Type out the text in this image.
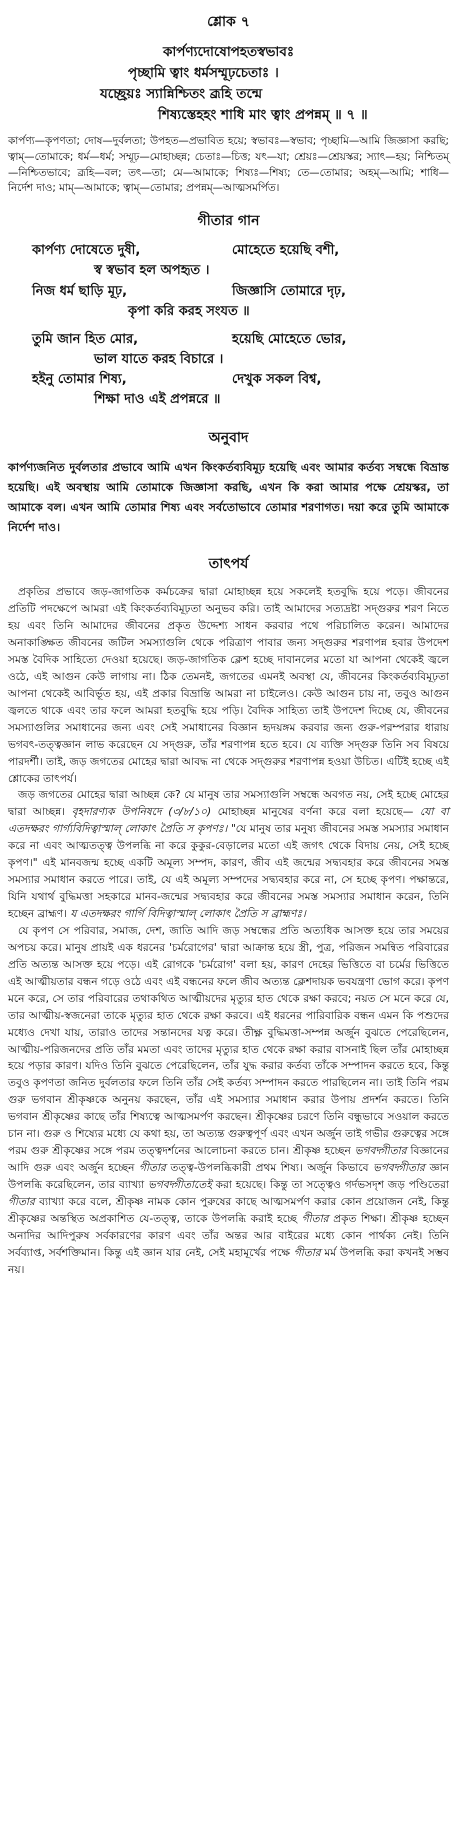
শ্লোক ৭
কার্পণ্যদোষোপহতস্বভাবঃ
পৃচ্ছামি ত্বাং ধর্মসম্মূঢ়চেতাঃ ।
যচ্ছ্রেয়ঃ স্যান্নিশ্চিতং ব্রূহি তন্মে
শিষ্যস্তেহহং শাধি মাং ত্বাং প্রপন্নম্ ॥ ৭ ॥
কার্পণ্য—কৃপণতা; দোষ—দুর্বলতা; উপহত—প্রভাবিত হয়ে; স্বভাবঃ—স্বভাব; পৃচ্ছামি—আমি জিজ্ঞাসা করছি; ত্বাম্—তোমাকে; ধর্ম—ধর্ম; সম্মূঢ়—মোহাচ্ছন্ন; চেতাঃ—চিত্ত; যৎ—যা; শ্রেয়ঃ—শ্রেয়স্কর; স্যাৎ—হয়; নিশ্চিতম্—নিশ্চিতভাবে; ব্রূহি—বল; তৎ—তা; মে—আমাকে; শিষ্যঃ—শিষ্য; তে—তোমার; অহম্—আমি; শাধি—নির্দেশ দাও; মাম্—আমাকে; ত্বাম্—তোমার; প্রপন্নম্—আত্মসমর্পিত।
গীতার গান
কার্পণ্য দোষেতে দুষী,	মোহেতে হয়েছি বশী,
স্ব স্বভাব হল অপহৃত ।
নিজ ধর্ম ছাড়ি মূঢ়,	জিজ্ঞাসি তোমারে দৃঢ়,
কৃপা করি করহ সংযত ॥
তুমি জান হিত মোর,	হয়েছি মোহেতে ভোর,
ভাল যাতে করহ বিচারে ।
হইনু তোমার শিষ্য,	দেখুক সকল বিশ্ব,
শিক্ষা দাও এই প্রপন্নরে ॥
অনুবাদ
কার্পণ্যজনিত দুর্বলতার প্রভাবে আমি এখন কিংকর্তব্যবিমূঢ় হয়েছি এবং আমার কর্তব্য সম্বন্ধে বিভ্রান্ত হয়েছি। এই অবস্থায় আমি তোমাকে জিজ্ঞাসা করছি, এখন কি করা আমার পক্ষে শ্রেয়স্কর, তা আমাকে বল। এখন আমি তোমার শিষ্য এবং সর্বতোভাবে তোমার শরণাগত। দয়া করে তুমি আমাকে নির্দেশ দাও।
তাৎপর্য

প্রকৃতির প্রভাবে জড়-জাগতিক কর্মচক্রের দ্বারা মোহাচ্ছন্ন হয়ে সকলেই হতবুদ্ধি হয়ে পড়ে। জীবনের প্রতিটি পদক্ষেপে আমরা এই কিংকর্তব্যবিমূঢ়তা অনুভব করি। তাই আমাদের সত্যদ্রষ্টা সদ্গুরুর শরণ নিতে হয় এবং তিনি আমাদের জীবনের প্রকৃত উদ্দেশ্য সাধন করবার পথে পরিচালিত করেন। আমাদের অনাকাঙ্ক্ষিত জীবনের জটিল সমস্যাগুলি থেকে পরিত্রাণ পাবার জন্য সদ্গুরুর শরণাপন্ন হবার উপদেশ সমস্ত বৈদিক সাহিত্যে দেওয়া হয়েছে। জড়-জাগতিক ক্লেশ হচ্ছে দাবানলের মতো যা আপনা থেকেই জ্বলে ওঠে, এই আগুন কেউ লাগায় না। ঠিক তেমনই, জগতের এমনই অবস্থা যে, জীবনের কিংকর্তব্যবিমূঢ়তা আপনা থেকেই আবির্ভূত হয়, এই প্রকার বিভ্রান্তি আমরা না চাইলেও। কেউ আগুন চায় না, তবুও আগুন জ্বলতে থাকে এবং তার ফলে আমরা হতবুদ্ধি হয়ে পড়ি। বৈদিক সাহিত্য তাই উপদেশ দিচ্ছে যে, জীবনের সমস্যাগুলির সমাধানের জন্য এবং সেই সমাধানের বিজ্ঞান হৃদয়ঙ্গম করবার জন্য গুরু-পরম্পরার ধারায় ভগবৎ-তত্ত্বজ্ঞান লাভ করেছেন যে সদ্গুরু, তাঁর শরণাপন্ন হতে হবে। যে ব্যক্তি সদ্গুরু তিনি সব বিষয়ে পারদর্শী। তাই, জড় জগতের মোহের দ্বারা আবদ্ধ না থেকে সদ্গুরুর শরণাপন্ন হওয়া উচিত। এটিই হচ্ছে এই শ্লোকের তাৎপর্য।

জড় জগতের মোহের দ্বারা আচ্ছন্ন কে? যে মানুষ তার সমস্যাগুলি সম্বন্ধে অবগত নয়, সেই হচ্ছে মোহের দ্বারা আচ্ছন্ন। বৃহদারণ্যক উপনিষদে (৩/৮/১০) মোহাচ্ছন্ন মানুষের বর্ণনা করে বলা হয়েছে— যো বা এতদক্ষরং গার্গ্যবিদিত্বাস্মাল্ লোকাৎ প্রৈতি স কৃপণঃ। "যে মানুষ তার মনুষ্য জীবনের সমস্ত সমস্যার সমাধান করে না এবং আত্মতত্ত্ব উপলব্ধি না করে কুকুর-বেড়ালের মতো এই জগৎ থেকে বিদায় নেয়, সেই হচ্ছে কৃপণ।" এই মানবজন্ম হচ্ছে একটি অমূল্য সম্পদ, কারণ, জীব এই জন্মের সদ্ব্যবহার করে জীবনের সমস্ত সমস্যার সমাধান করতে পারে। তাই, যে এই অমূল্য সম্পদের সদ্ব্যবহার করে না, সে হচ্ছে কৃপণ। পক্ষান্তরে, যিনি যথার্থ বুদ্ধিমত্তা সহকারে মানব-জন্মের সদ্ব্যবহার করে জীবনের সমস্ত সমস্যার সমাধান করেন, তিনি হচ্ছেন ব্রাহ্মণ। য এতদক্ষরং গার্গি বিদিত্বাস্মাল্ লোকাৎ প্রৈতি স ব্রাহ্মণঃ।

যে কৃপণ সে পরিবার, সমাজ, দেশ, জাতি আদি জড় সম্বন্ধের প্রতি অত্যধিক আসক্ত হয়ে তার সময়ের অপচয় করে। মানুষ প্রায়ই এক ধরনের 'চর্মরোগের' দ্বারা আক্রান্ত হয়ে স্ত্রী, পুত্র, পরিজন সমন্বিত পরিবারের প্রতি অত্যন্ত আসক্ত হয়ে পড়ে। এই রোগকে 'চর্মরোগ' বলা হয়, কারণ দেহের ভিত্তিতে বা চর্মের ভিত্তিতে এই আত্মীয়তার বন্ধন গড়ে ওঠে এবং এই বন্ধনের ফলে জীব অত্যন্ত ক্লেশদায়ক ভবযন্ত্রণা ভোগ করে। কৃপণ মনে করে, সে তার পরিবারের তথাকথিত আত্মীয়দের মৃত্যুর হাত থেকে রক্ষা করবে; নয়ত সে মনে করে যে, তার আত্মীয়-স্বজনেরা তাকে মৃত্যুর হাত থেকে রক্ষা করবে। এই ধরনের পারিবারিক বন্ধন এমন কি পশুদের মধ্যেও দেখা যায়, তারাও তাদের সন্তানদের যত্ন করে। তীক্ষ্ণ বুদ্ধিমত্তা-সম্পন্ন অর্জুন বুঝতে পেরেছিলেন, আত্মীয়-পরিজনদের প্রতি তাঁর মমতা এবং তাদের মৃত্যুর হাত থেকে রক্ষা করার বাসনাই ছিল তাঁর মোহাচ্ছন্ন হয়ে পড়ার কারণ। যদিও তিনি বুঝতে পেরেছিলেন, তাঁর যুদ্ধ করার কর্তব্য তাঁকে সম্পাদন করতে হবে, কিন্তু তবুও কৃপণতা জনিত দুর্বলতার ফলে তিনি তাঁর সেই কর্তব্য সম্পাদন করতে পারছিলেন না। তাই তিনি পরম গুরু ভগবান শ্রীকৃষ্ণকে অনুনয় করছেন, তাঁর এই সমস্যার সমাধান করার উপায় প্রদর্শন করতে। তিনি ভগবান শ্রীকৃষ্ণের কাছে তাঁর শিষ্যত্বে আত্মসমর্পণ করছেন। শ্রীকৃষ্ণের চরণে তিনি বন্ধুভাবে সওয়াল করতে চান না। গুরু ও শিষ্যের মধ্যে যে কথা হয়, তা অত্যন্ত গুরুত্বপূর্ণ এবং এখন অর্জুন তাই গভীর গুরুত্বের সঙ্গে পরম গুরু শ্রীকৃষ্ণের সঙ্গে পরম তত্ত্বদর্শনের আলোচনা করতে চান। শ্রীকৃষ্ণ হচ্ছেন ভগবদ্গীতার বিজ্ঞানের আদি গুরু এবং অর্জুন হচ্ছেন গীতার তত্ত্ব-উপলব্ধিকারী প্রথম শিষ্য। অর্জুন কিভাবে ভগবদ্গীতার জ্ঞান উপলব্ধি করেছিলেন, তার ব্যাখ্যা ভগবদ্গীতাতেই করা হয়েছে। কিন্তু তা সত্ত্বেও গর্দভসদৃশ জড় পণ্ডিতেরা গীতার ব্যাখ্যা করে বলে, শ্রীকৃষ্ণ নামক কোন পুরুষের কাছে আত্মসমর্পণ করার কোন প্রয়োজন নেই, কিন্তু শ্রীকৃষ্ণের অন্তস্থিত অপ্রকাশিত যে-তত্ত্ব, তাকে উপলব্ধি করাই হচ্ছে গীতার প্রকৃত শিক্ষা। শ্রীকৃষ্ণ হচ্ছেন অনাদির আদিপুরুষ সর্বকারণের কারণ এবং তাঁর অন্তর আর বাইরের মধ্যে কোন পার্থক্য নেই। তিনি সর্বব্যাপ্ত, সর্বশক্তিমান। কিন্তু এই জ্ঞান যার নেই, সেই মহামূর্খের পক্ষে গীতার মর্ম উপলব্ধি করা কখনই সম্ভব নয়।
